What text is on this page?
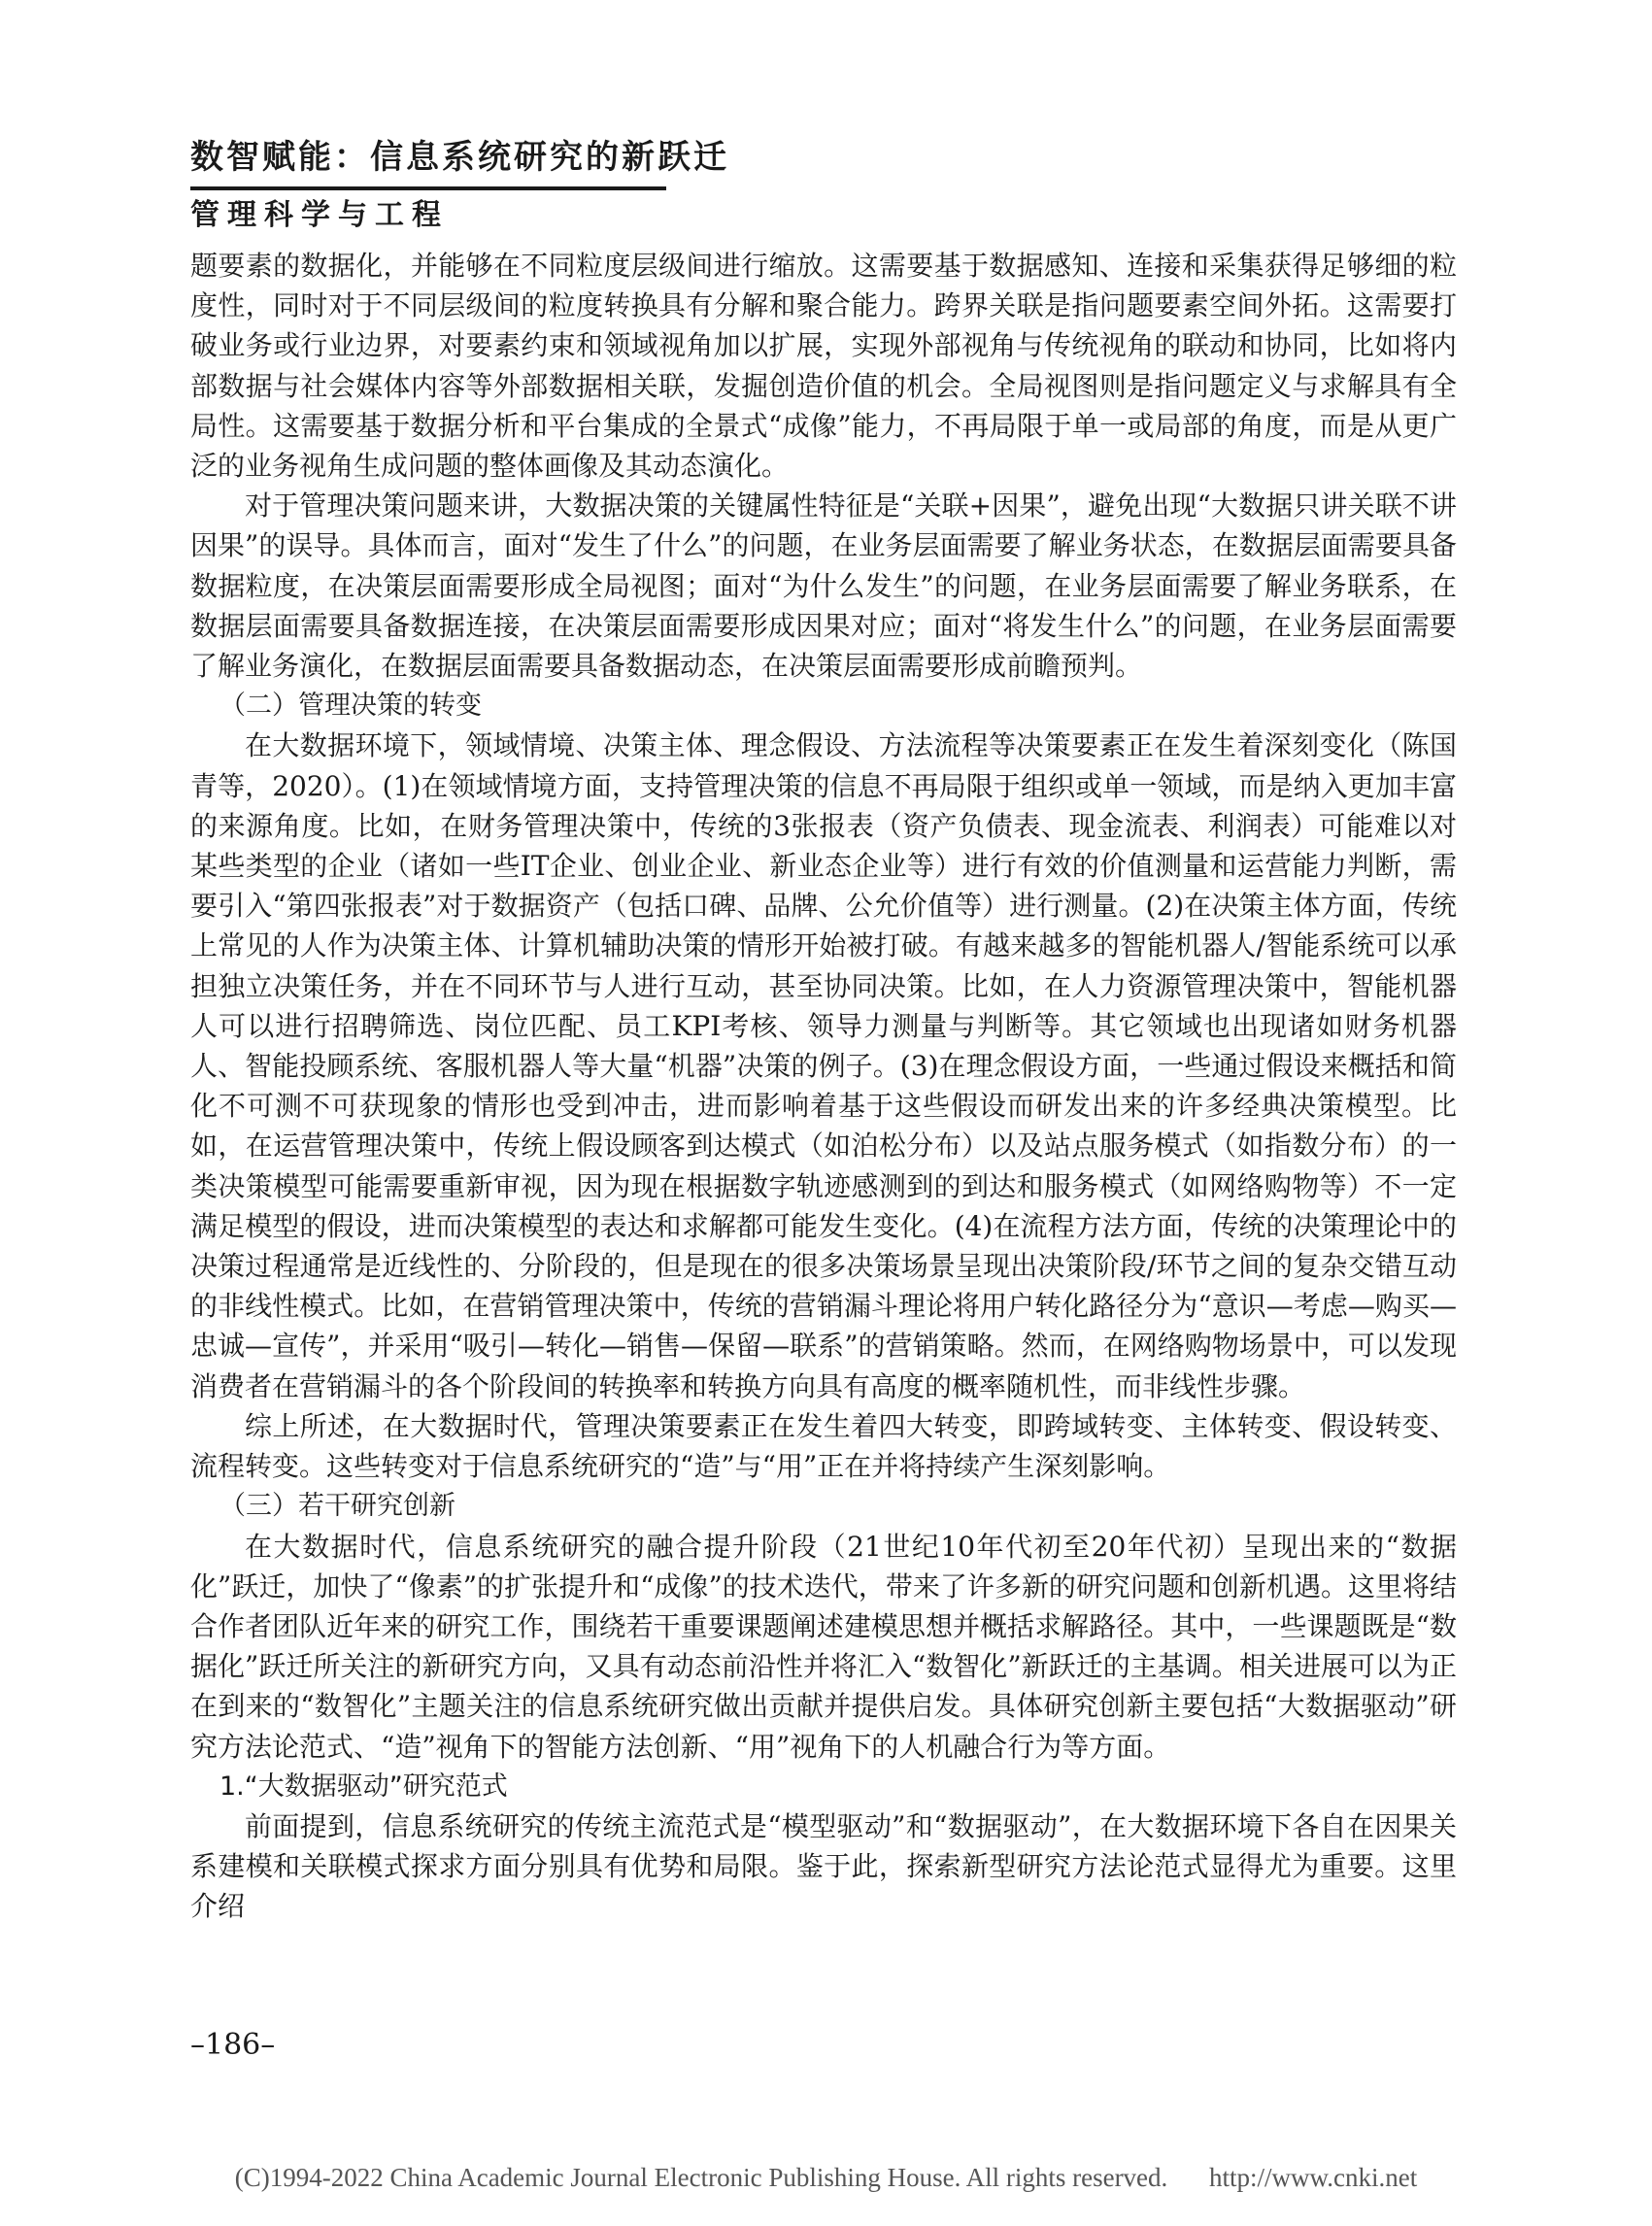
数智赋能：信息系统研究的新跃迁
管理科学与工程

题要素的数据化，并能够在不同粒度层级间进行缩放。这需要基于数据感知、连接和采集获得足够细的粒度性，同时对于不同层级间的粒度转换具有分解和聚合能力。跨界关联是指问题要素空间外拓。这需要打破业务或行业边界，对要素约束和领域视角加以扩展，实现外部视角与传统视角的联动和协同，比如将内部数据与社会媒体内容等外部数据相关联，发掘创造价值的机会。全局视图则是指问题定义与求解具有全局性。这需要基于数据分析和平台集成的全景式“成像”能力，不再局限于单一或局部的角度，而是从更广泛的业务视角生成问题的整体画像及其动态演化。

对于管理决策问题来讲，大数据决策的关键属性特征是“关联+因果”，避免出现“大数据只讲关联不讲因果”的误导。具体而言，面对“发生了什么”的问题，在业务层面需要了解业务状态，在数据层面需要具备数据粒度，在决策层面需要形成全局视图；面对“为什么发生”的问题，在业务层面需要了解业务联系，在数据层面需要具备数据连接，在决策层面需要形成因果对应；面对“将发生什么”的问题，在业务层面需要了解业务演化，在数据层面需要具备数据动态，在决策层面需要形成前瞻预判。

（二）管理决策的转变

在大数据环境下，领域情境、决策主体、理念假设、方法流程等决策要素正在发生着深刻变化（陈国青等，2020）。(1)在领域情境方面，支持管理决策的信息不再局限于组织或单一领域，而是纳入更加丰富的来源角度。比如，在财务管理决策中，传统的3张报表（资产负债表、现金流表、利润表）可能难以对某些类型的企业（诸如一些IT企业、创业企业、新业态企业等）进行有效的价值测量和运营能力判断，需要引入“第四张报表”对于数据资产（包括口碑、品牌、公允价值等）进行测量。(2)在决策主体方面，传统上常见的人作为决策主体、计算机辅助决策的情形开始被打破。有越来越多的智能机器人/智能系统可以承担独立决策任务，并在不同环节与人进行互动，甚至协同决策。比如，在人力资源管理决策中，智能机器人可以进行招聘筛选、岗位匹配、员工KPI考核、领导力测量与判断等。其它领域也出现诸如财务机器人、智能投顾系统、客服机器人等大量“机器”决策的例子。(3)在理念假设方面，一些通过假设来概括和简化不可测不可获现象的情形也受到冲击，进而影响着基于这些假设而研发出来的许多经典决策模型。比如，在运营管理决策中，传统上假设顾客到达模式（如泊松分布）以及站点服务模式（如指数分布）的一类决策模型可能需要重新审视，因为现在根据数字轨迹感测到的到达和服务模式（如网络购物等）不一定满足模型的假设，进而决策模型的表达和求解都可能发生变化。(4)在流程方法方面，传统的决策理论中的决策过程通常是近线性的、分阶段的，但是现在的很多决策场景呈现出决策阶段/环节之间的复杂交错互动的非线性模式。比如，在营销管理决策中，传统的营销漏斗理论将用户转化路径分为“意识—考虑—购买—忠诚—宣传”，并采用“吸引—转化—销售—保留—联系”的营销策略。然而，在网络购物场景中，可以发现消费者在营销漏斗的各个阶段间的转换率和转换方向具有高度的概率随机性，而非线性步骤。

综上所述，在大数据时代，管理决策要素正在发生着四大转变，即跨域转变、主体转变、假设转变、流程转变。这些转变对于信息系统研究的“造”与“用”正在并将持续产生深刻影响。

（三）若干研究创新

在大数据时代，信息系统研究的融合提升阶段（21世纪10年代初至20年代初）呈现出来的“数据化”跃迁，加快了“像素”的扩张提升和“成像”的技术迭代，带来了许多新的研究问题和创新机遇。这里将结合作者团队近年来的研究工作，围绕若干重要课题阐述建模思想并概括求解路径。其中，一些课题既是“数据化”跃迁所关注的新研究方向，又具有动态前沿性并将汇入“数智化”新跃迁的主基调。相关进展可以为正在到来的“数智化”主题关注的信息系统研究做出贡献并提供启发。具体研究创新主要包括“大数据驱动”研究方法论范式、“造”视角下的智能方法创新、“用”视角下的人机融合行为等方面。

1.“大数据驱动”研究范式

前面提到，信息系统研究的传统主流范式是“模型驱动”和“数据驱动”，在大数据环境下各自在因果关系建模和关联模式探求方面分别具有优势和局限。鉴于此，探索新型研究方法论范式显得尤为重要。这里介绍

–186–
(C)1994-2022 China Academic Journal Electronic Publishing House. All rights reserved. http://www.cnki.net
